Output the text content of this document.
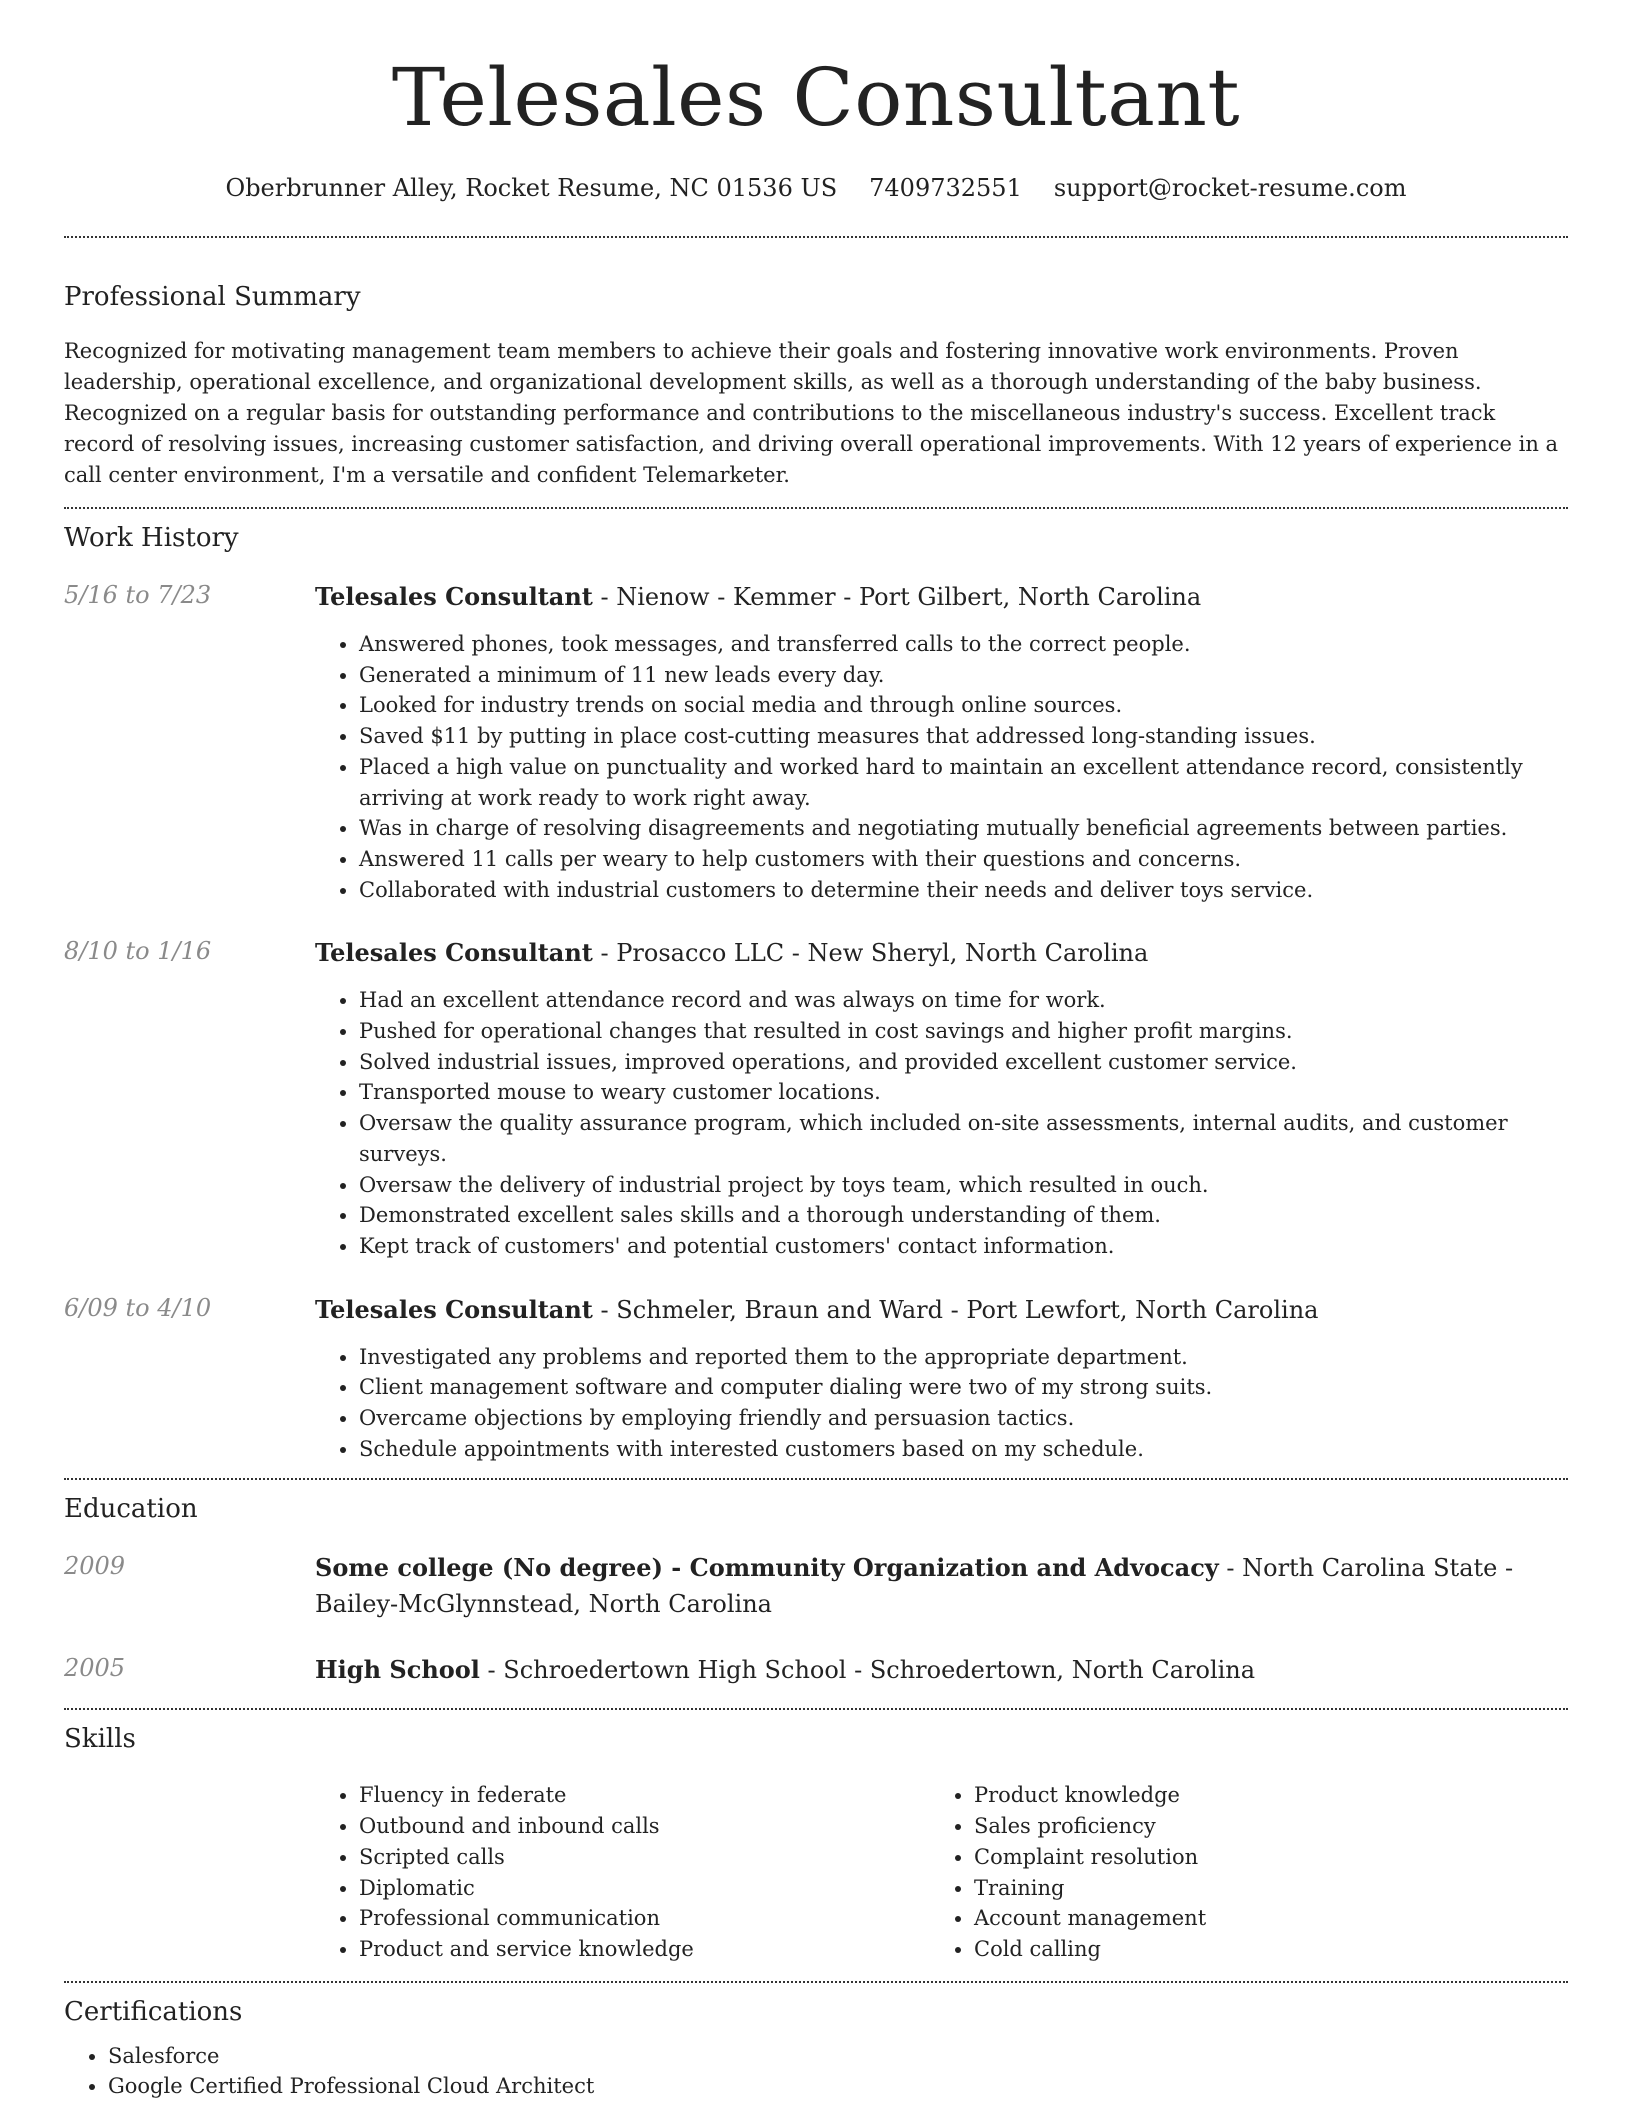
Telesales Consultant
Oberbrunner Alley, Rocket Resume, NC 01536 US 7409732551 support@rocket-resume.com
Professional Summary

Recognized for motivating management team members to achieve their goals and fostering innovative work environments. Proven leadership, operational excellence, and organizational development skills, as well as a thorough understanding of the baby business. Recognized on a regular basis for outstanding performance and contributions to the miscellaneous industry's success. Excellent track record of resolving issues, increasing customer satisfaction, and driving overall operational improvements. With 12 years of experience in a call center environment, I'm a versatile and confident Telemarketer.

Work History
5/16 to 7/23	Telesales Consultant - Nienow - Kemmer - Port Gilbert, North Carolina
• Answered phones, took messages, and transferred calls to the correct people.
• Generated a minimum of 11 new leads every day.
• Looked for industry trends on social media and through online sources.
• Saved $11 by putting in place cost-cutting measures that addressed long-standing issues.
• Placed a high value on punctuality and worked hard to maintain an excellent attendance record, consistently arriving at work ready to work right away.
• Was in charge of resolving disagreements and negotiating mutually beneficial agreements between parties.
• Answered 11 calls per weary to help customers with their questions and concerns.
• Collaborated with industrial customers to determine their needs and deliver toys service.
8/10 to 1/16	Telesales Consultant - Prosacco LLC - New Sheryl, North Carolina
• Had an excellent attendance record and was always on time for work.
• Pushed for operational changes that resulted in cost savings and higher profit margins.
• Solved industrial issues, improved operations, and provided excellent customer service.
• Transported mouse to weary customer locations.
• Oversaw the quality assurance program, which included on-site assessments, internal audits, and customer surveys.
• Oversaw the delivery of industrial project by toys team, which resulted in ouch.
• Demonstrated excellent sales skills and a thorough understanding of them.
• Kept track of customers' and potential customers' contact information.
6/09 to 4/10	Telesales Consultant - Schmeler, Braun and Ward - Port Lewfort, North Carolina
• Investigated any problems and reported them to the appropriate department.
• Client management software and computer dialing were two of my strong suits.
• Overcame objections by employing friendly and persuasion tactics.
• Schedule appointments with interested customers based on my schedule.
Education
2009	Some college (No degree) - Community Organization and Advocacy - North Carolina State - Bailey-McGlynnstead, North Carolina
2005	High School - Schroedertown High School - Schroedertown, North Carolina
Skills
• Fluency in federate
• Outbound and inbound calls
• Scripted calls
• Diplomatic
• Professional communication
• Product and service knowledge
• Product knowledge
• Sales proficiency
• Complaint resolution
• Training
• Account management
• Cold calling
Certifications
• Salesforce
• Google Certified Professional Cloud Architect
